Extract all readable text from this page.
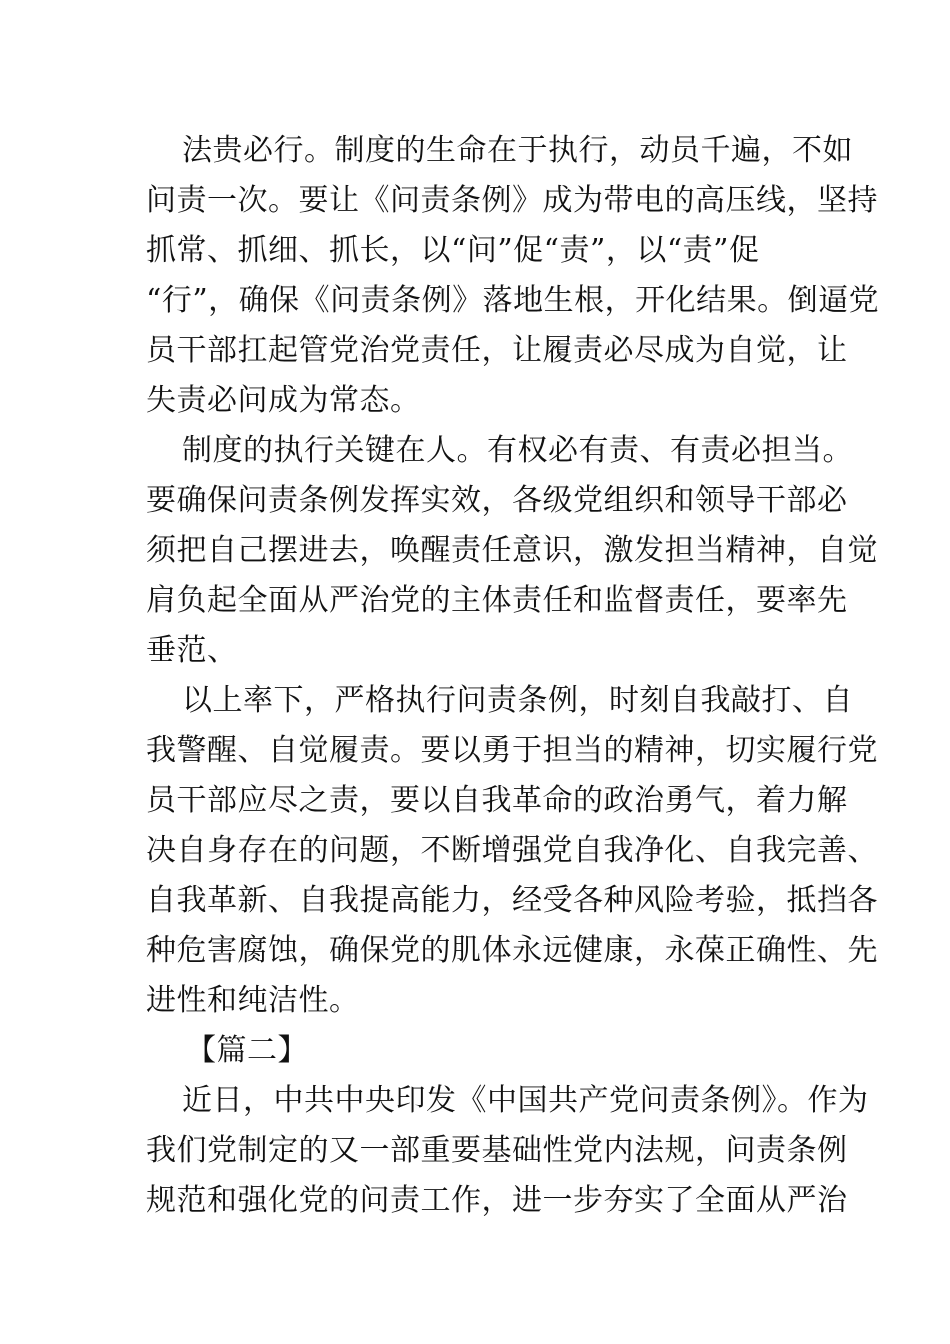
法贵必行。制度的生命在于执行，动员千遍，不如
问责一次。要让《问责条例》成为带电的高压线，坚持
抓常、抓细、抓长，以“问”促“责”，以“责”促
“行”，确保《问责条例》落地生根，开化结果。倒逼党
员干部扛起管党治党责任，让履责必尽成为自觉，让
失责必问成为常态。
制度的执行关键在人。有权必有责、有责必担当。
要确保问责条例发挥实效，各级党组织和领导干部必
须把自己摆进去，唤醒责任意识，激发担当精神，自觉
肩负起全面从严治党的主体责任和监督责任，要率先
垂范、
以上率下，严格执行问责条例，时刻自我敲打、自
我警醒、自觉履责。要以勇于担当的精神，切实履行党
员干部应尽之责，要以自我革命的政治勇气，着力解
决自身存在的问题，不断增强党自我净化、自我完善、
自我革新、自我提高能力，经受各种风险考验，抵挡各
种危害腐蚀，确保党的肌体永远健康，永葆正确性、先
进性和纯洁性。
【篇二】
近日，中共中央印发《中国共产党问责条例》。作为
我们党制定的又一部重要基础性党内法规，问责条例
规范和强化党的问责工作，进一步夯实了全面从严治
